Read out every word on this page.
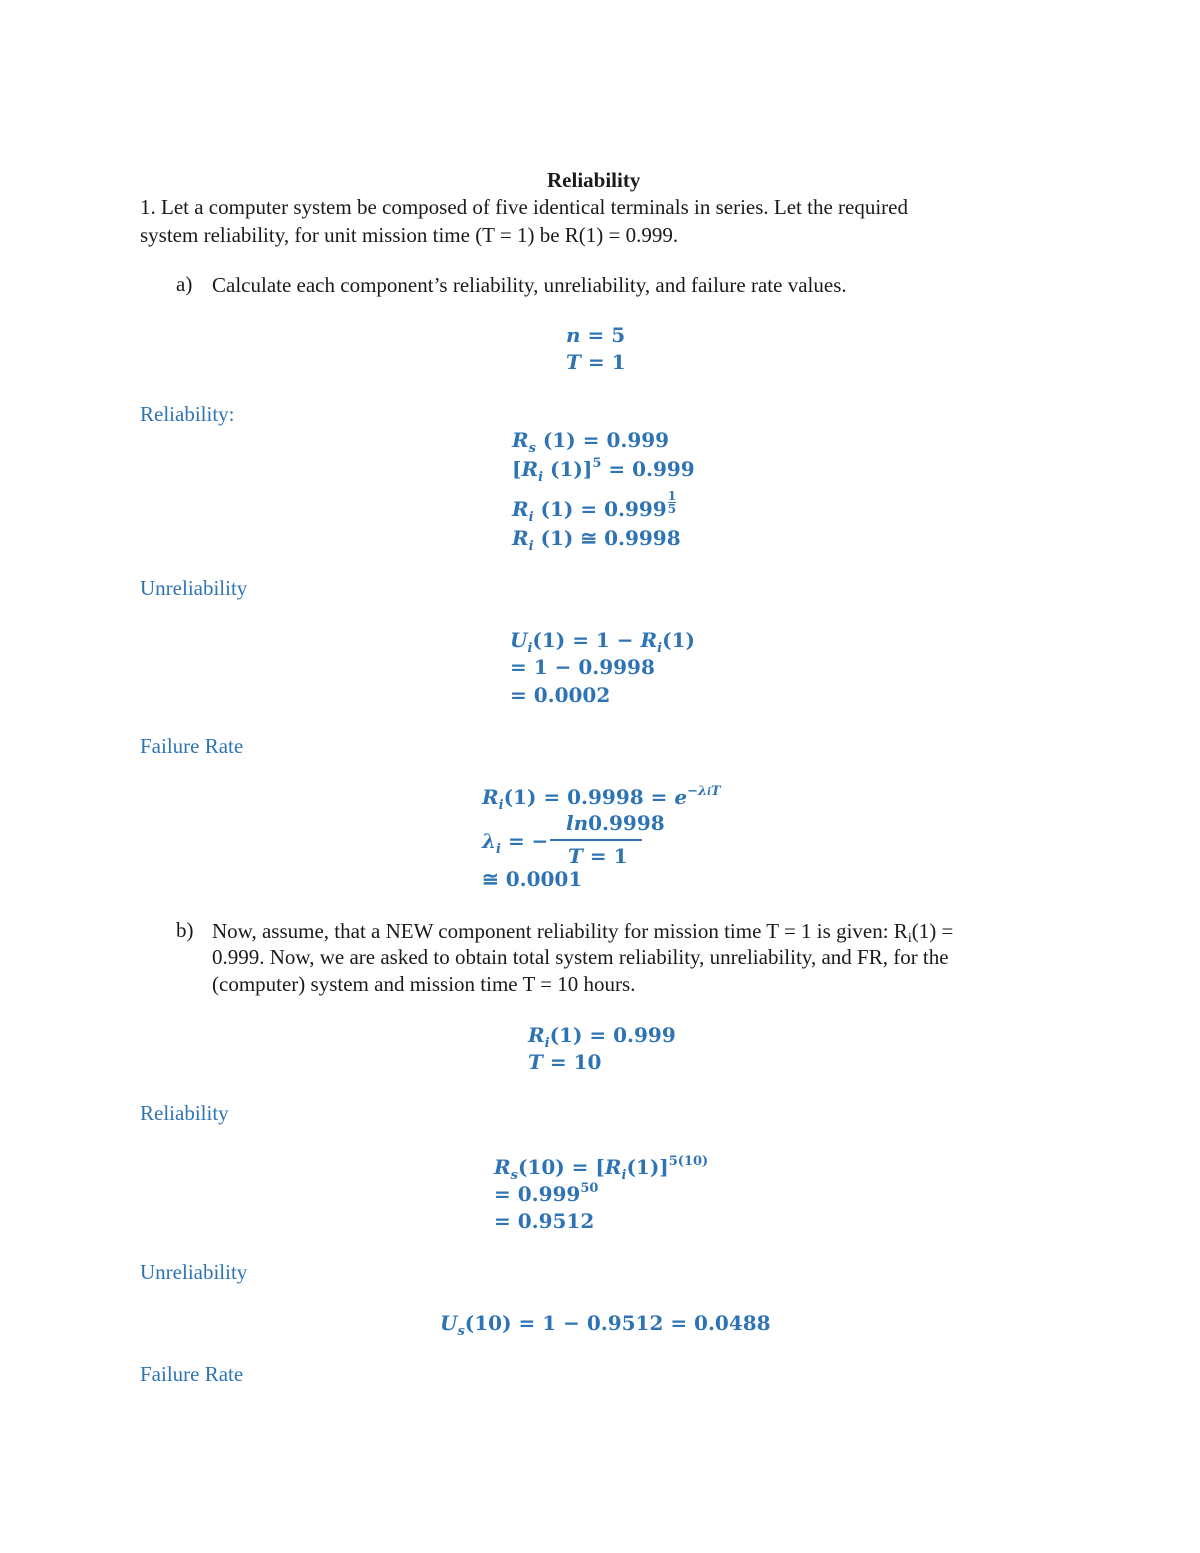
Reliability
1. Let a computer system be composed of five identical terminals in series. Let the required
system reliability, for unit mission time (T = 1) be R(1) = 0.999.
a) Calculate each component’s reliability, unreliability, and failure rate values.
n = 5
T = 1
Reliability:
$R_s$ (1) = 0.999
[$R_i$ (1)]$^5$ = 0.999
$R_i$ $(1) = 0.999 \frac{1}{5}$
$R_i$ (1) ≅ 0.9998
Unreliability
$U_i(1) = 1 - R_i(1)$
= 1 − 0.9998
= 0.0002
Failure Rate
$R_i(1) = 0.9998 = e^{-\lambda iT}$
ln0.9998
$\lambda_i$ = −
T = 1
≅ 0.0001
b) Now, assume, that a NEW component reliability for mission time T = 1 is given: Ri(1) =
0.999. Now, we are asked to obtain total system reliability, unreliability, and FR, for the
(computer) system and mission time T = 10 hours.
$R_i(1) = 0.999$
T = 10
Reliability
$R_s(10) = [R_i(1)]^{5(10)}$
= $0.999^{50}$
= 0.9512
Unreliability
$U_s(10) = 1 - 0.9512 = 0.0488$
Failure Rate
